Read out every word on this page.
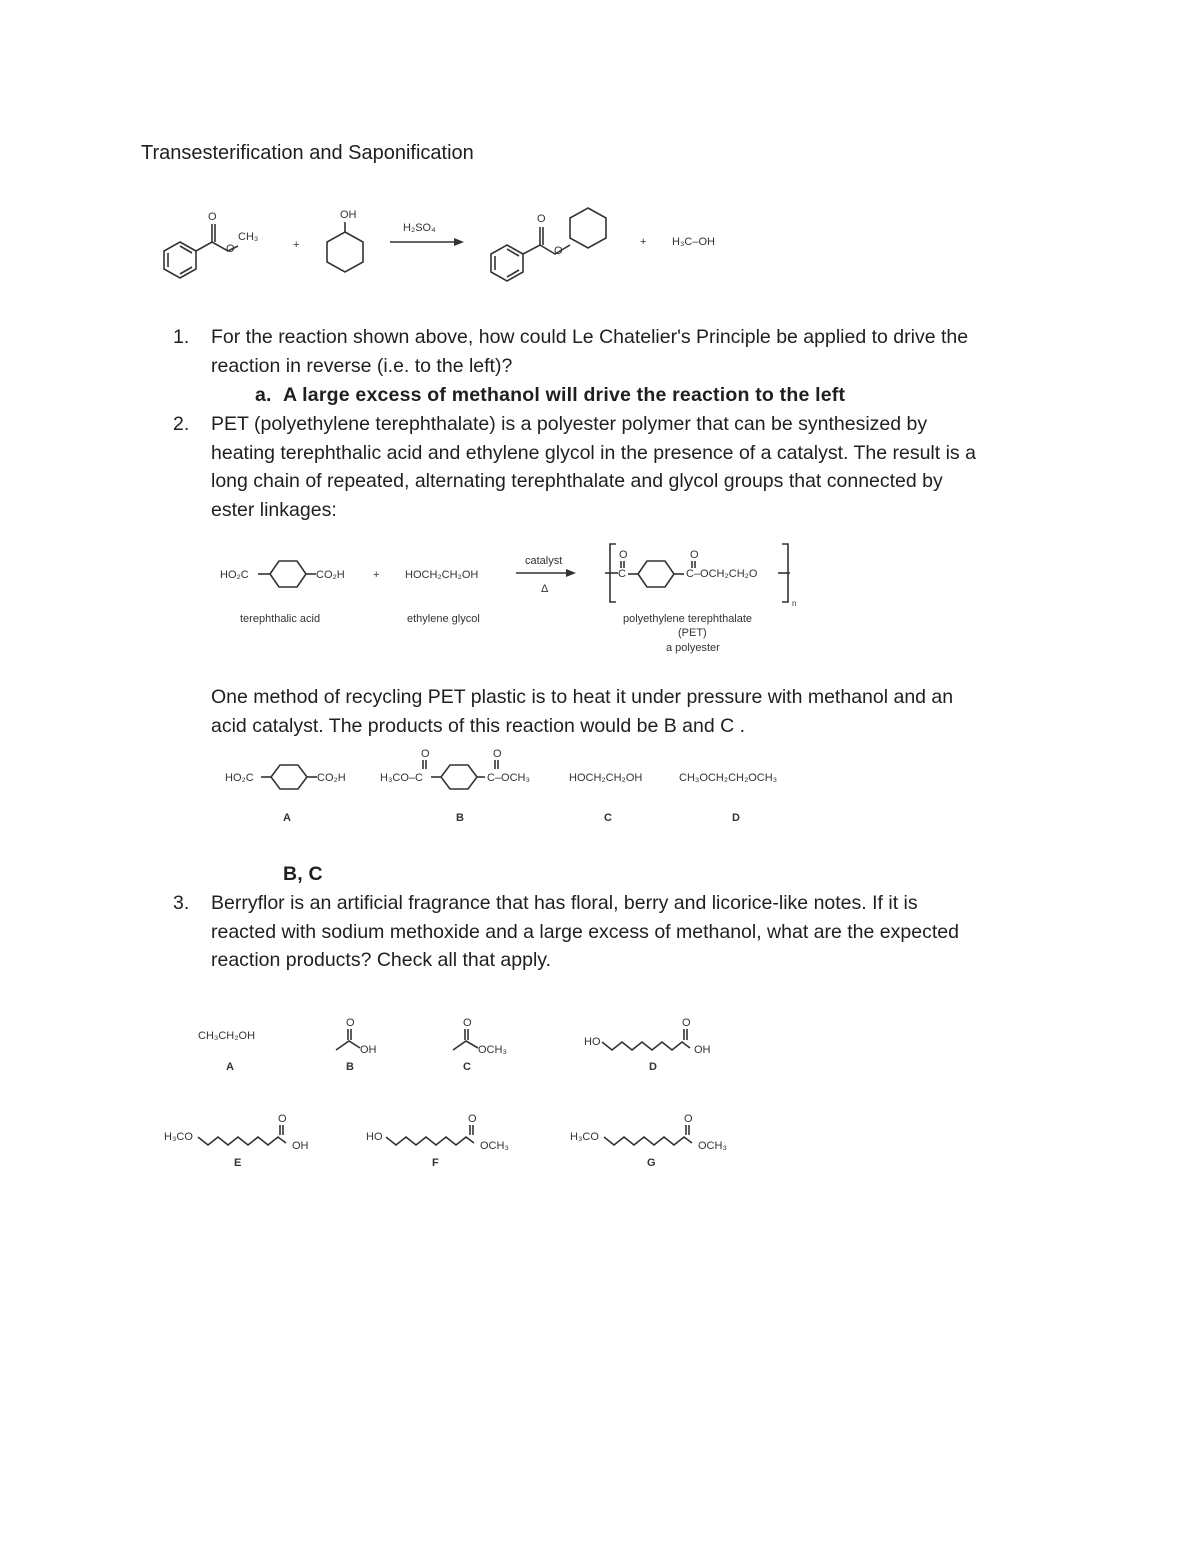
Transesterification and Saponification
O
O
CH₃
+
OH
H₂SO₄
O
O
+ H₃C–OH
1. For the reaction shown above, how could Le Chatelier's Principle be applied to drive the
reaction in reverse (i.e. to the left)?
a. A large excess of methanol will drive the reaction to the left
2. PET (polyethylene terephthalate) is a polyester polymer that can be synthesized by
heating terephthalic acid and ethylene glycol in the presence of a catalyst. The result is a
long chain of repeated, alternating terephthalate and glycol groups that connected by
ester linkages:
HO₂C	CO₂H	+ HOCH₂CH₂OH
catalyst
Δ
O
C
O
C–OCH₂CH₂O
n
terephthalic acid	ethylene glycol	polyethylene terephthalate
(PET)
a polyester
One method of recycling PET plastic is to heat it under pressure with methanol and an
acid catalyst. The products of this reaction would be B and C .
HO₂C	CO₂H	H₃CO–C
O	O
C–OCH₃	HOCH₂CH₂OH	CH₃OCH₂CH₂OCH₃
A	B	C	D
B, C
3. Berryflor is an artificial fragrance that has floral, berry and licorice-like notes. If it is
reacted with sodium methoxide and a large excess of methanol, what are the expected
reaction products? Check all that apply.
CH₃CH₂OH
A
O
OH
B
O
OCH₃
C
HO
O
OH
D
H₃CO
O
OH
E
HO
O
OCH₃
F
H₃CO
O
OCH₃
G
